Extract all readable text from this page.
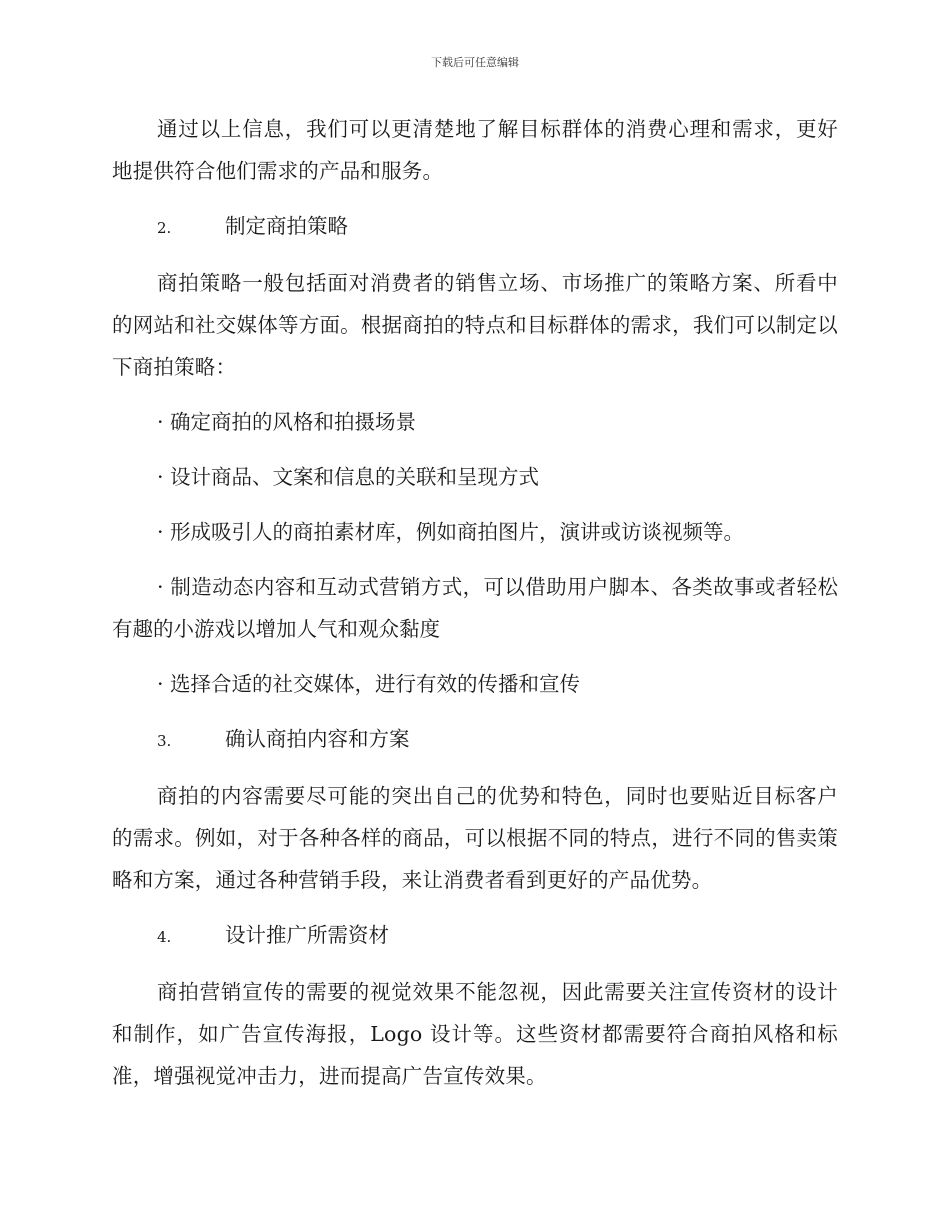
下载后可任意编辑

通过以上信息，我们可以更清楚地了解目标群体的消费心理和需求，更好地提供符合他们需求的产品和服务。

2.	制定商拍策略

商拍策略一般包括面对消费者的销售立场、市场推广的策略方案、所看中的网站和社交媒体等方面。根据商拍的特点和目标群体的需求，我们可以制定以下商拍策略：

· 确定商拍的风格和拍摄场景

· 设计商品、文案和信息的关联和呈现方式

· 形成吸引人的商拍素材库，例如商拍图片，演讲或访谈视频等。

· 制造动态内容和互动式营销方式，可以借助用户脚本、各类故事或者轻松有趣的小游戏以增加人气和观众黏度

· 选择合适的社交媒体，进行有效的传播和宣传

3.	确认商拍内容和方案

商拍的内容需要尽可能的突出自己的优势和特色，同时也要贴近目标客户的需求。例如，对于各种各样的商品，可以根据不同的特点，进行不同的售卖策略和方案，通过各种营销手段，来让消费者看到更好的产品优势。

4.	设计推广所需资材

商拍营销宣传的需要的视觉效果不能忽视，因此需要关注宣传资材的设计和制作，如广告宣传海报，Logo 设计等。这些资材都需要符合商拍风格和标准，增强视觉冲击力，进而提高广告宣传效果。
